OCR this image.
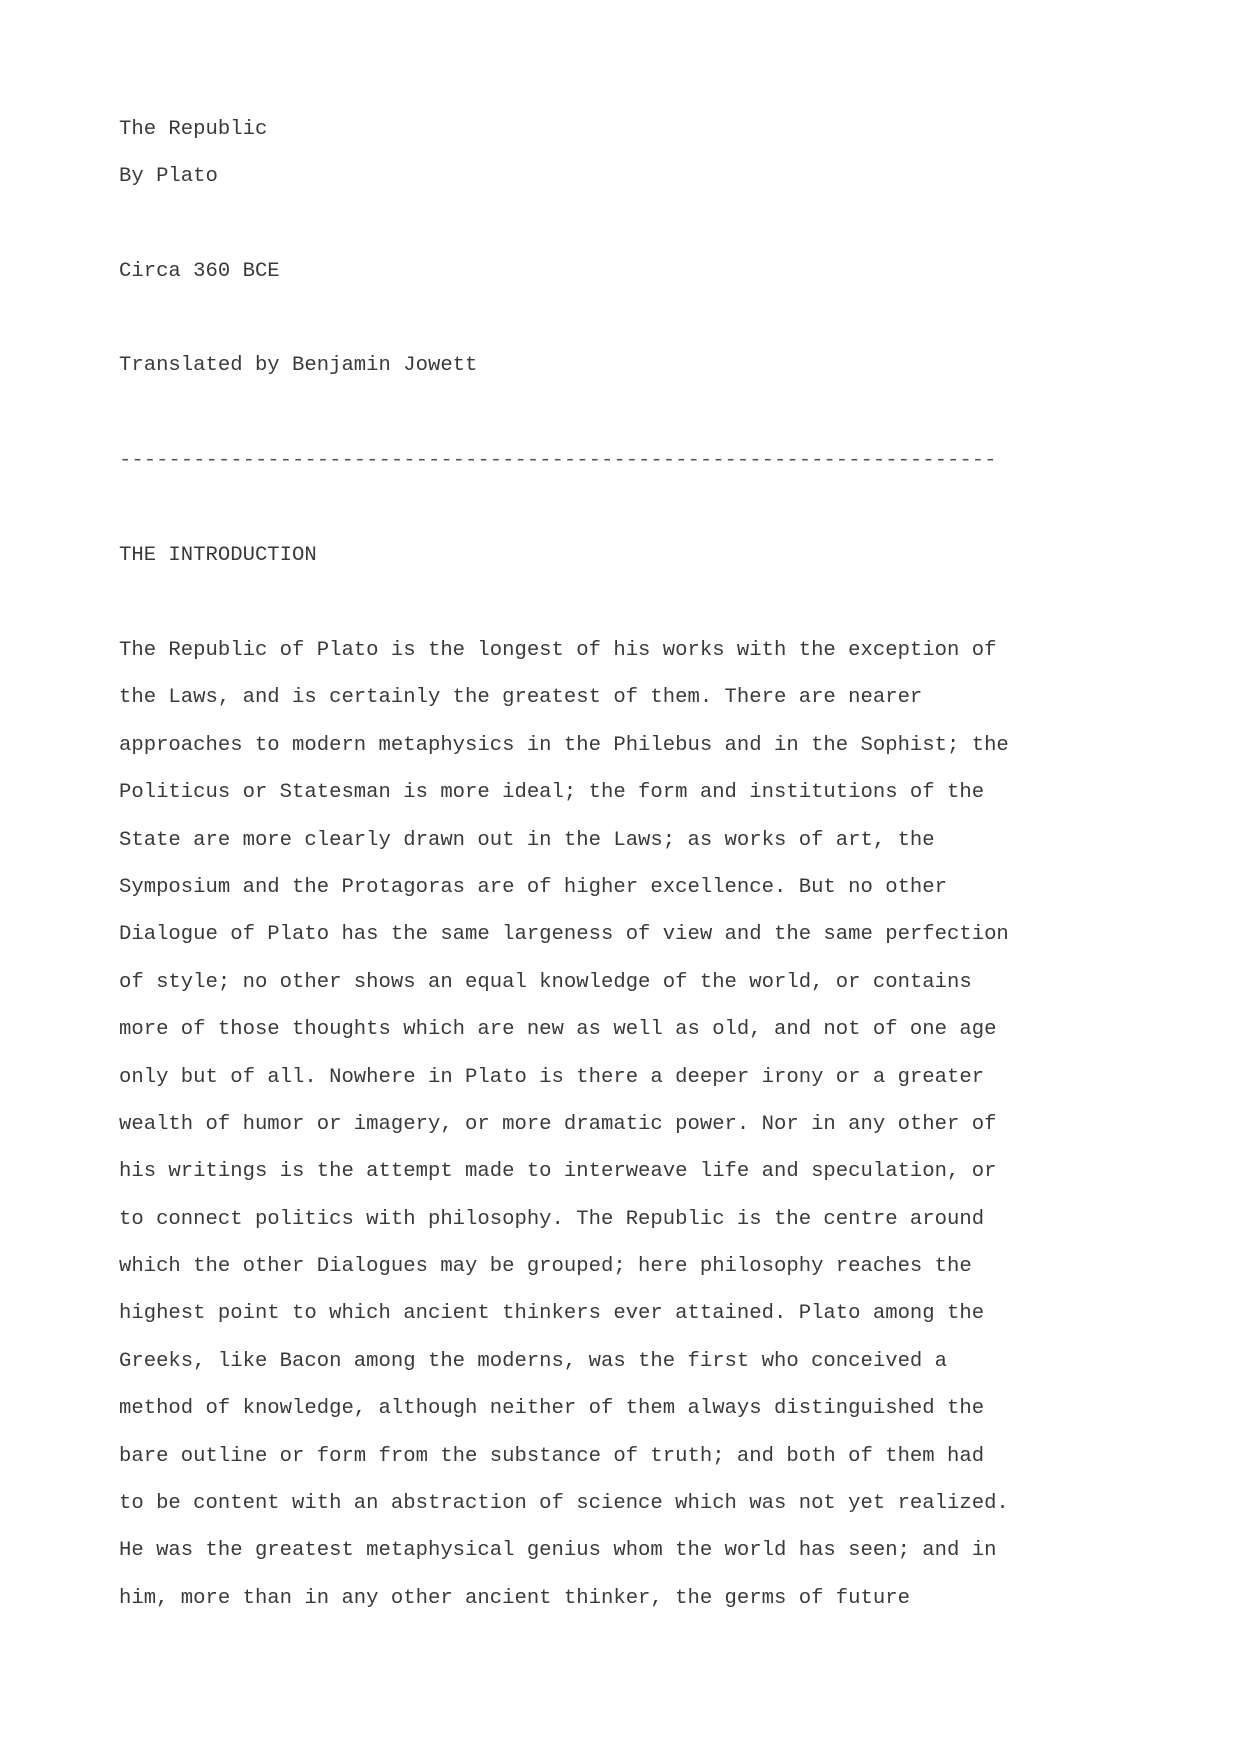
The Republic
By Plato
Circa 360 BCE
Translated by Benjamin Jowett
-----------------------------------------------------------------------
THE INTRODUCTION
The Republic of Plato is the longest of his works with the exception of
the Laws, and is certainly the greatest of them. There are nearer
approaches to modern metaphysics in the Philebus and in the Sophist; the
Politicus or Statesman is more ideal; the form and institutions of the
State are more clearly drawn out in the Laws; as works of art, the
Symposium and the Protagoras are of higher excellence. But no other
Dialogue of Plato has the same largeness of view and the same perfection
of style; no other shows an equal knowledge of the world, or contains
more of those thoughts which are new as well as old, and not of one age
only but of all. Nowhere in Plato is there a deeper irony or a greater
wealth of humor or imagery, or more dramatic power. Nor in any other of
his writings is the attempt made to interweave life and speculation, or
to connect politics with philosophy. The Republic is the centre around
which the other Dialogues may be grouped; here philosophy reaches the
highest point to which ancient thinkers ever attained. Plato among the
Greeks, like Bacon among the moderns, was the first who conceived a
method of knowledge, although neither of them always distinguished the
bare outline or form from the substance of truth; and both of them had
to be content with an abstraction of science which was not yet realized.
He was the greatest metaphysical genius whom the world has seen; and in
him, more than in any other ancient thinker, the germs of future
